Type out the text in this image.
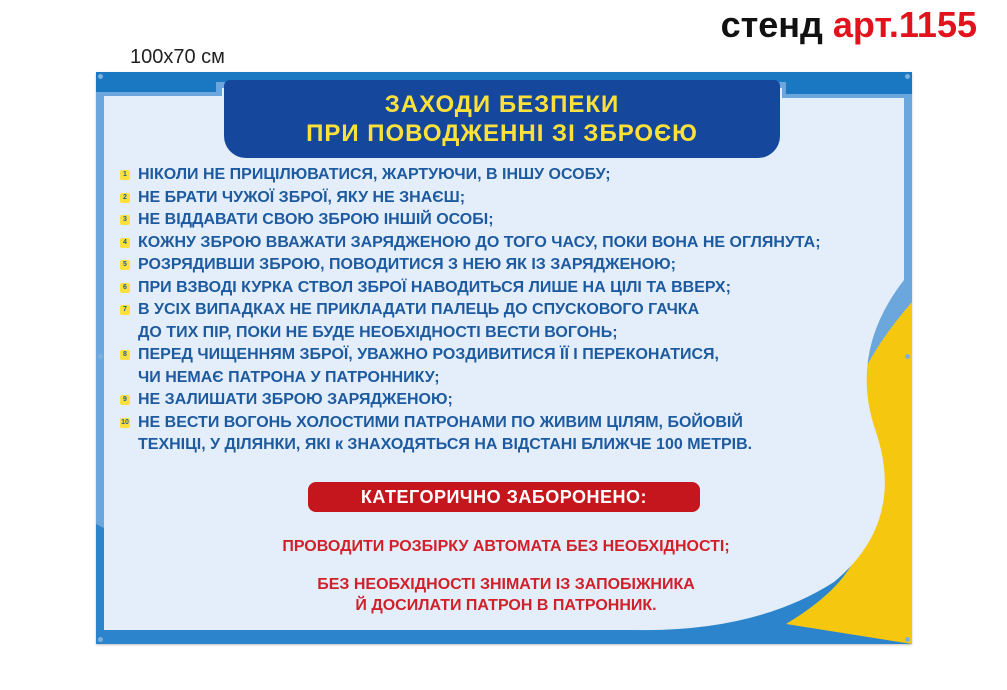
стенд арт.1155
100x70 см
ЗАХОДИ БЕЗПЕКИ
ПРИ ПОВОДЖЕННІ ЗІ ЗБРОЄЮ
1 НІКОЛИ НЕ ПРИЦІЛЮВАТИСЯ, ЖАРТУЮЧИ, В ІНШУ ОСОБУ;
2 НЕ БРАТИ ЧУЖОЇ ЗБРОЇ, ЯКУ НЕ ЗНАЄШ;
3 НЕ ВІДДАВАТИ СВОЮ ЗБРОЮ ІНШІЙ ОСОБІ;
4 КОЖНУ ЗБРОЮ ВВАЖАТИ ЗАРЯДЖЕНОЮ ДО ТОГО ЧАСУ, ПОКИ ВОНА НЕ ОГЛЯНУТА;
5 РОЗРЯДИВШИ ЗБРОЮ, ПОВОДИТИСЯ З НЕЮ ЯК ІЗ ЗАРЯДЖЕНОЮ;
6 ПРИ ВЗВОДІ КУРКА СТВОЛ ЗБРОЇ НАВОДИТЬСЯ ЛИШЕ НА ЦІЛІ ТА ВВЕРХ;
7 В УСІХ ВИПАДКАХ НЕ ПРИКЛАДАТИ ПАЛЕЦЬ ДО СПУСКОВОГО ГАЧКА
ДО ТИХ ПІР, ПОКИ НЕ БУДЕ НЕОБХІДНОСТІ ВЕСТИ ВОГОНЬ;
8 ПЕРЕД ЧИЩЕННЯМ ЗБРОЇ, УВАЖНО РОЗДИВИТИСЯ ЇЇ І ПЕРЕКОНАТИСЯ,
ЧИ НЕМАЄ ПАТРОНА У ПАТРОННИКУ;
9 НЕ ЗАЛИШАТИ ЗБРОЮ ЗАРЯДЖЕНОЮ;
10 НЕ ВЕСТИ ВОГОНЬ ХОЛОСТИМИ ПАТРОНАМИ ПО ЖИВИМ ЦІЛЯМ, БОЙОВІЙ
ТЕХНІЦІ, У ДІЛЯНКИ, ЯКІ к ЗНАХОДЯТЬСЯ НА ВІДСТАНІ БЛИЖЧЕ 100 МЕТРІВ.
КАТЕГОРИЧНО ЗАБОРОНЕНО:
ПРОВОДИТИ РОЗБІРКУ АВТОМАТА БЕЗ НЕОБХІДНОСТІ;
БЕЗ НЕОБХІДНОСТІ ЗНІМАТИ ІЗ ЗАПОБІЖНИКА
Й ДОСИЛАТИ ПАТРОН В ПАТРОННИК.
